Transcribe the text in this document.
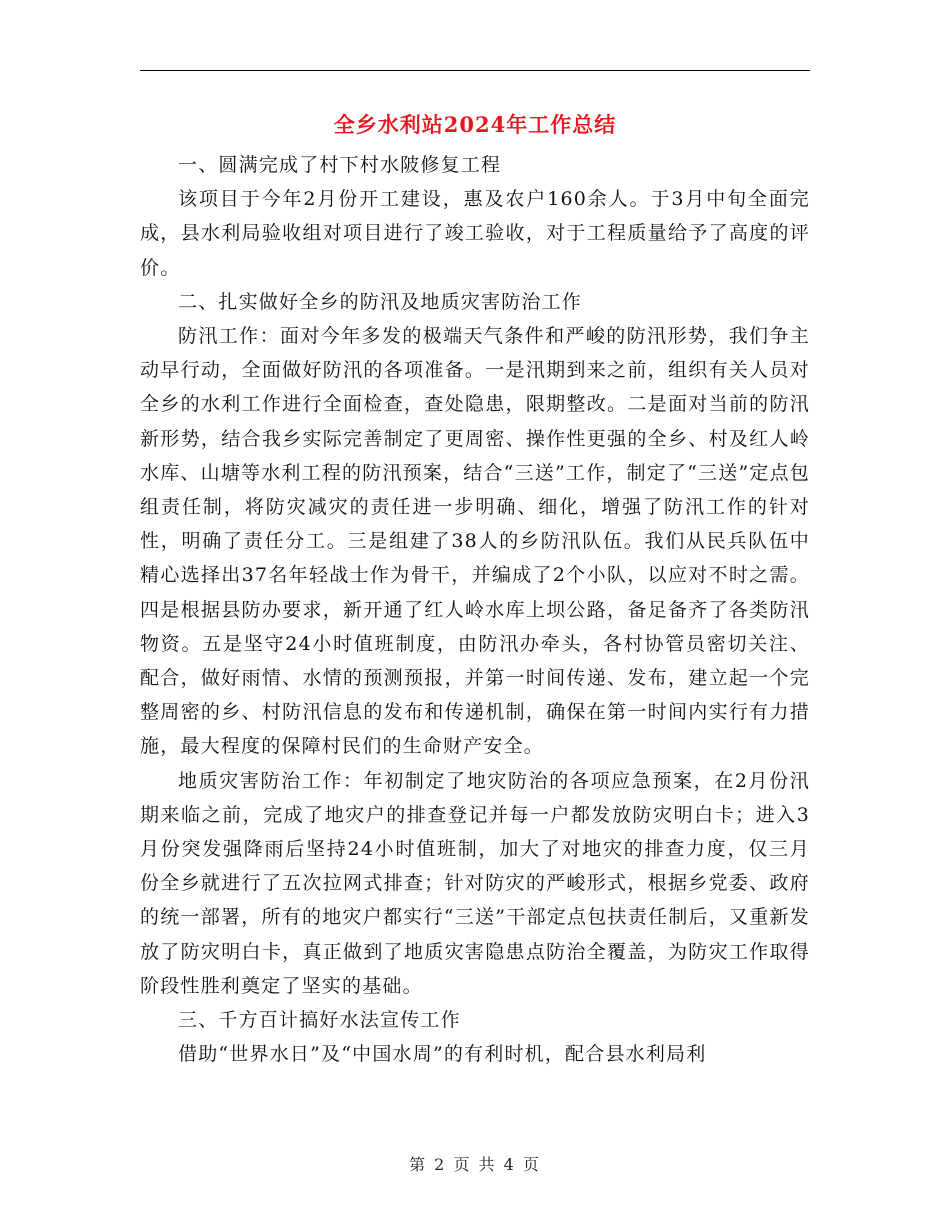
全乡水利站2024年工作总结

一、圆满完成了村下村水陂修复工程

该项目于今年2月份开工建设，惠及农户160余人。于3月中旬全面完成，县水利局验收组对项目进行了竣工验收，对于工程质量给予了高度的评价。

二、扎实做好全乡的防汛及地质灾害防治工作

防汛工作：面对今年多发的极端天气条件和严峻的防汛形势，我们争主动早行动，全面做好防汛的各项准备。一是汛期到来之前，组织有关人员对全乡的水利工作进行全面检查，查处隐患，限期整改。二是面对当前的防汛新形势，结合我乡实际完善制定了更周密、操作性更强的全乡、村及红人岭水库、山塘等水利工程的防汛预案，结合“三送”工作，制定了“三送”定点包组责任制，将防灾减灾的责任进一步明确、细化，增强了防汛工作的针对性，明确了责任分工。三是组建了38人的乡防汛队伍。我们从民兵队伍中精心选择出37名年轻战士作为骨干，并编成了2个小队，以应对不时之需。四是根据县防办要求，新开通了红人岭水库上坝公路，备足备齐了各类防汛物资。五是坚守24小时值班制度，由防汛办牵头，各村协管员密切关注、配合，做好雨情、水情的预测预报，并第一时间传递、发布，建立起一个完整周密的乡、村防汛信息的发布和传递机制，确保在第一时间内实行有力措施，最大程度的保障村民们的生命财产安全。

地质灾害防治工作：年初制定了地灾防治的各项应急预案，在2月份汛期来临之前，完成了地灾户的排查登记并每一户都发放防灾明白卡；进入3月份突发强降雨后坚持24小时值班制，加大了对地灾的排查力度，仅三月份全乡就进行了五次拉网式排查；针对防灾的严峻形式，根据乡党委、政府的统一部署，所有的地灾户都实行“三送”干部定点包扶责任制后，又重新发放了防灾明白卡，真正做到了地质灾害隐患点防治全覆盖，为防灾工作取得阶段性胜利奠定了坚实的基础。

三、千方百计搞好水法宣传工作

借助“世界水日”及“中国水周”的有利时机，配合县水利局利

第 2 页 共 4 页
